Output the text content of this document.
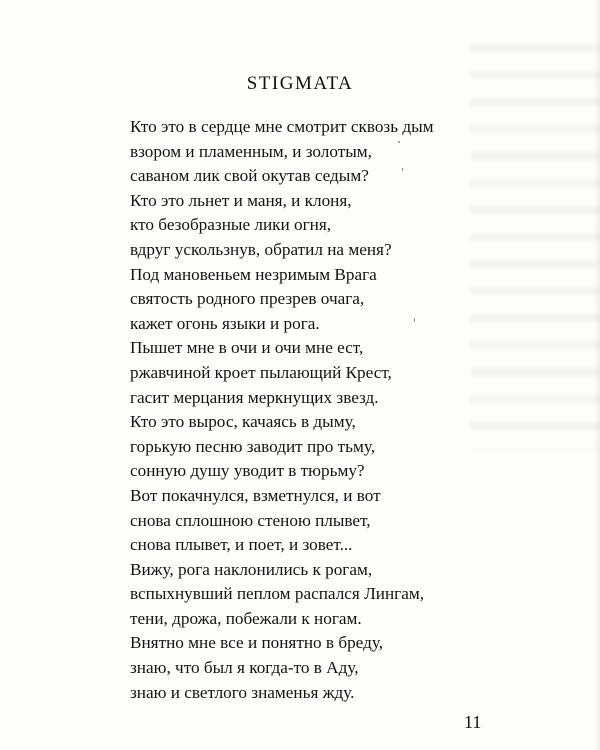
STIGMATA
Кто это в сердце мне смотрит сквозь дым
взором и пламенным, и золотым,
саваном лик свой окутав седым?
Кто это льнет и маня, и клоня,
кто безобразные лики огня,
вдруг ускользнув, обратил на меня?
Под мановеньем незримым Врага
святость родного презрев очага,
кажет огонь языки и рога.
Пышет мне в очи и очи мне ест,
ржавчиной кроет пылающий Крест,
гасит мерцания меркнущих звезд.
Кто это вырос, качаясь в дыму,
горькую песню заводит про тьму,
сонную душу уводит в тюрьму?
Вот покачнулся, взметнулся, и вот
снова сплошною стеною плывет,
снова плывет, и поет, и зовет...
Вижу, рога наклонились к рогам,
вспыхнувший пеплом распался Лингам,
тени, дрожа, побежали к ногам.
Внятно мне все и понятно в бреду,
знаю, что был я когда-то в Аду,
знаю и светлого знаменья жду.
11
